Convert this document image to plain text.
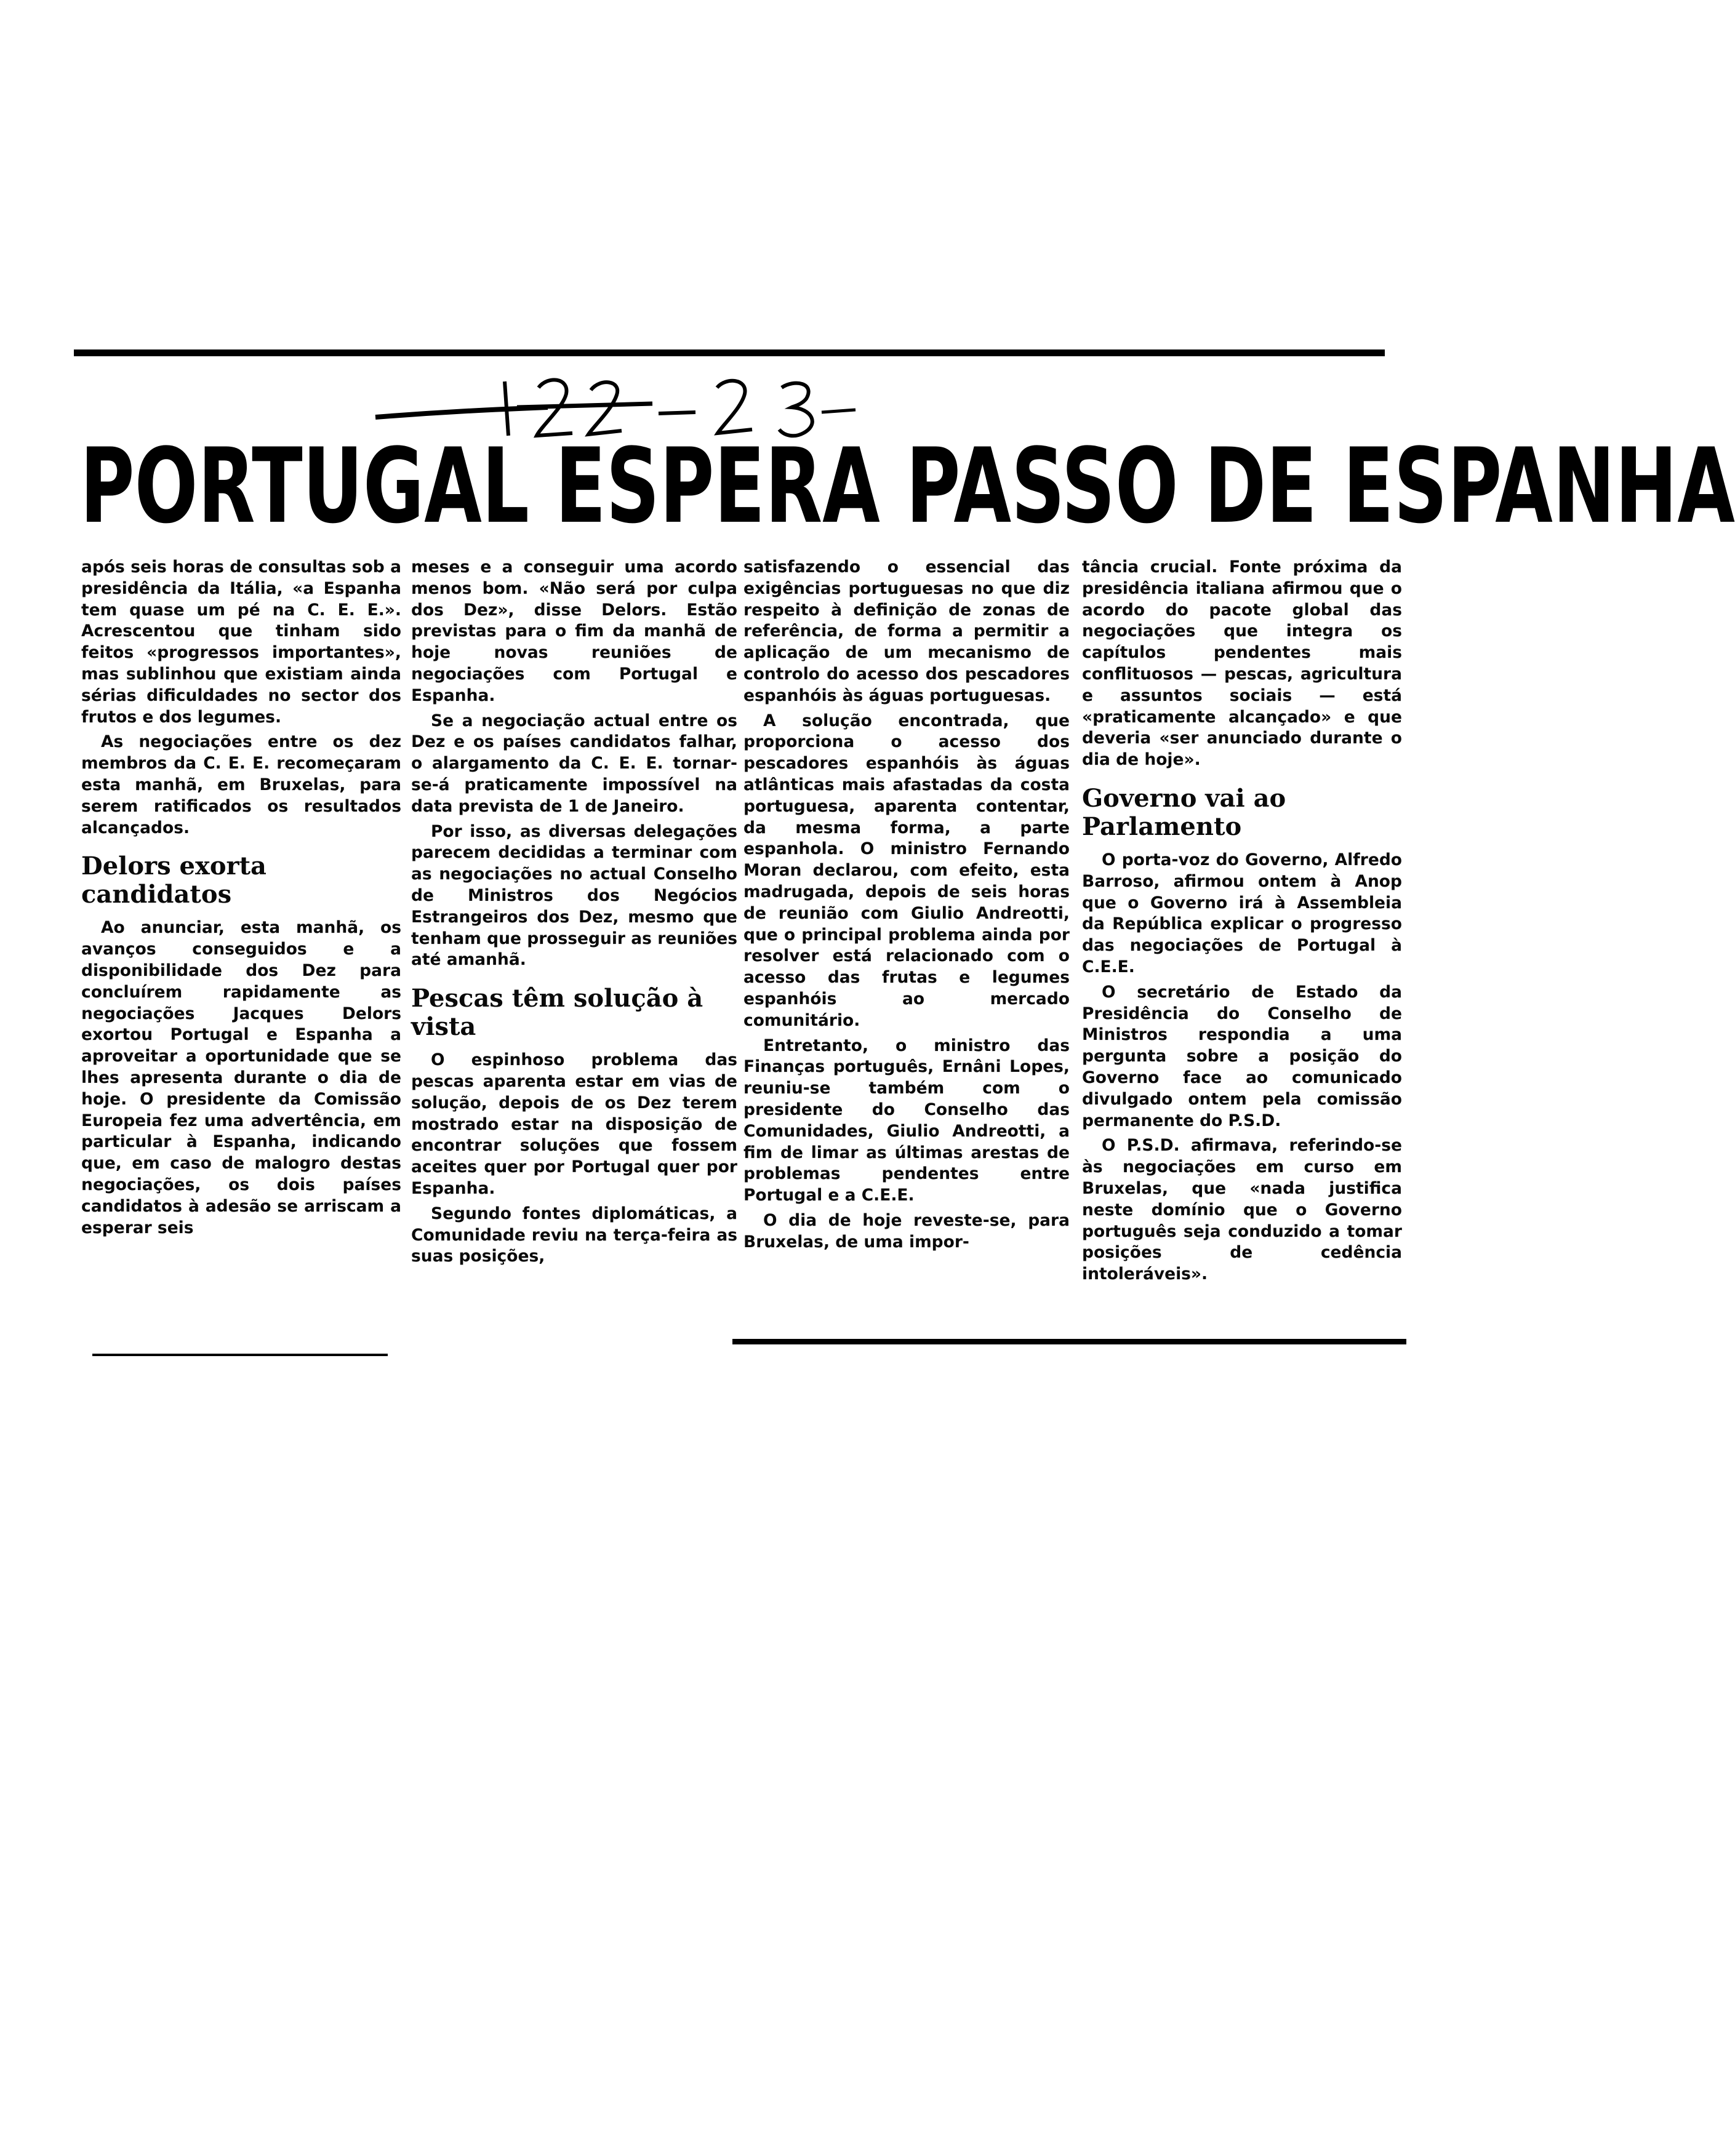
PORTUGAL ESPERA PASSO DE ESPANHA

após seis horas de consultas sob a presidência da Itália, «a Espanha tem quase um pé na C. E. E.». Acrescentou que tinham sido feitos «progressos importantes», mas sublinhou que existiam ainda sérias dificuldades no sector dos frutos e dos legumes.

As negociações entre os dez membros da C. E. E. recomeçaram esta manhã, em Bruxelas, para serem ratificados os resultados alcançados.

Delors exorta candidatos

Ao anunciar, esta manhã, os avanços conseguidos e a disponibilidade dos Dez para concluírem rapidamente as negociações Jacques Delors exortou Portugal e Espanha a aproveitar a oportunidade que se lhes apresenta durante o dia de hoje. O presidente da Comissão Europeia fez uma advertência, em particular à Espanha, indicando que, em caso de malogro destas negociações, os dois países candidatos à adesão se arriscam a esperar seis

meses e a conseguir uma acordo menos bom. «Não será por culpa dos Dez», disse Delors. Estão previstas para o fim da manhã de hoje novas reuniões de negociações com Portugal e Espanha.

Se a negociação actual entre os Dez e os países candidatos falhar, o alargamento da C. E. E. tornar-se-á praticamente impossível na data prevista de 1 de Janeiro.

Por isso, as diversas delegações parecem decididas a terminar com as negociações no actual Conselho de Ministros dos Negócios Estrangeiros dos Dez, mesmo que tenham que prosseguir as reuniões até amanhã.

Pescas têm solução à vista

O espinhoso problema das pescas aparenta estar em vias de solução, depois de os Dez terem mostrado estar na disposição de encontrar soluções que fossem aceites quer por Portugal quer por Espanha.

Segundo fontes diplomáticas, a Comunidade reviu na terça-feira as suas posições,

satisfazendo o essencial das exigências portuguesas no que diz respeito à definição de zonas de referência, de forma a permitir a aplicação de um mecanismo de controlo do acesso dos pescadores espanhóis às águas portuguesas.

A solução encontrada, que proporciona o acesso dos pescadores espanhóis às águas atlânticas mais afastadas da costa portuguesa, aparenta contentar, da mesma forma, a parte espanhola. O ministro Fernando Moran declarou, com efeito, esta madrugada, depois de seis horas de reunião com Giulio Andreotti, que o principal problema ainda por resolver está relacionado com o acesso das frutas e legumes espanhóis ao mercado comunitário.

Entretanto, o ministro das Finanças português, Ernâni Lopes, reuniu-se também com o presidente do Conselho das Comunidades, Giulio Andreotti, a fim de limar as últimas arestas de problemas pendentes entre Portugal e a C.E.E.

O dia de hoje reveste-se, para Bruxelas, de uma impor-

tância crucial. Fonte próxima da presidência italiana afirmou que o acordo do pacote global das negociações que integra os capítulos pendentes mais conflituosos — pescas, agricultura e assuntos sociais — está «praticamente alcançado» e que deveria «ser anunciado durante o dia de hoje».

Governo vai ao Parlamento

O porta-voz do Governo, Alfredo Barroso, afirmou ontem à Anop que o Governo irá à Assembleia da República explicar o progresso das negociações de Portugal à C.E.E.

O secretário de Estado da Presidência do Conselho de Ministros respondia a uma pergunta sobre a posição do Governo face ao comunicado divulgado ontem pela comissão permanente do P.S.D.

O P.S.D. afirmava, referindo-se às negociações em curso em Bruxelas, que «nada justifica neste domínio que o Governo português seja conduzido a tomar posições de cedência intoleráveis».
